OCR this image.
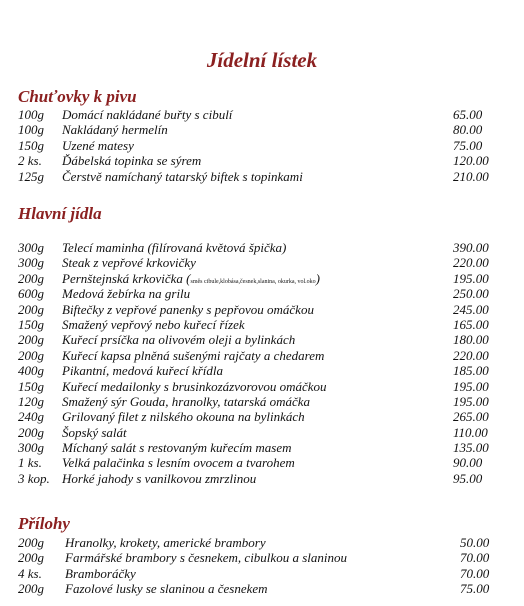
Jídelní lístek
Chuťovky k pivu
100g Domácí nakládané buřty s cibulí	65.00
100g Nakládaný hermelín	80.00
150g Uzené matesy	75.00
2 ks. Ďábelská topinka se sýrem	120.00
125g Čerstvě namíchaný tatarský biftek s topinkami	210.00
Hlavní jídla
300g Telecí maminha (filírovaná květová špička)	390.00
300g Steak z vepřové krkovičky	220.00
200g Pernštejnská krkovička (směs cibule,klobása,česnek,slanina, okurka, vol.oko)	195.00
600g Medová žebírka na grilu	250.00
200g Biftečky z vepřové panenky s pepřovou omáčkou	245.00
150g Smažený vepřový nebo kuřecí řízek	165.00
200g Kuřecí prsíčka na olivovém oleji a bylinkách	180.00
200g Kuřecí kapsa plněná sušenými rajčaty a chedarem	220.00
400g Pikantní, medová kuřecí křídla	185.00
150g Kuřecí medailonky s brusinkozázvorovou omáčkou	195.00
120g Smažený sýr Gouda, hranolky, tatarská omáčka	195.00
240g Grilovaný filet z nilského okouna na bylinkách	265.00
200g Šopský salát	110.00
300g Míchaný salát s restovaným kuřecím masem	135.00
1 ks. Velká palačinka s lesním ovocem a tvarohem	90.00
3 kop. Horké jahody s vanilkovou zmrzlinou	95.00
Přílohy
200g Hranolky, krokety, americké brambory	50.00
200g Farmářské brambory s česnekem, cibulkou a slaninou	70.00
4 ks. Bramboráčky	70.00
200g Fazolové lusky se slaninou a česnekem	75.00
